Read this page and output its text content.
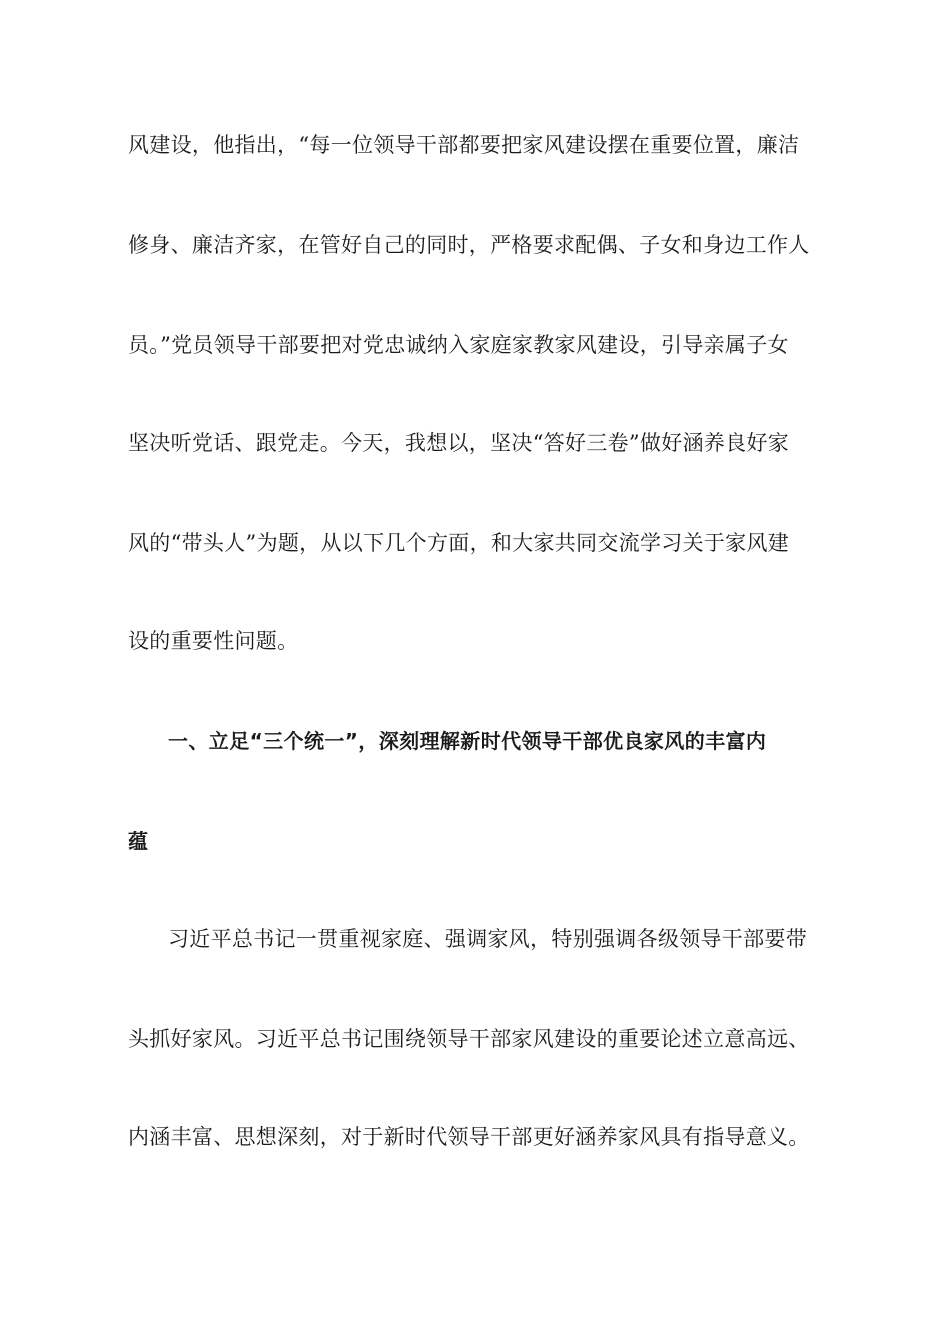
风建设，他指出，“每一位领导干部都要把家风建设摆在重要位置，廉洁
修身、廉洁齐家，在管好自己的同时，严格要求配偶、子女和身边工作人
员。”党员领导干部要把对党忠诚纳入家庭家教家风建设，引导亲属子女
坚决听党话、跟党走。今天，我想以，坚决“答好三卷”做好涵养良好家
风的“带头人”为题，从以下几个方面，和大家共同交流学习关于家风建
设的重要性问题。
一、立足“三个统一”，深刻理解新时代领导干部优良家风的丰富内
蕴
习近平总书记一贯重视家庭、强调家风，特别强调各级领导干部要带
头抓好家风。习近平总书记围绕领导干部家风建设的重要论述立意高远、
内涵丰富、思想深刻，对于新时代领导干部更好涵养家风具有指导意义。
